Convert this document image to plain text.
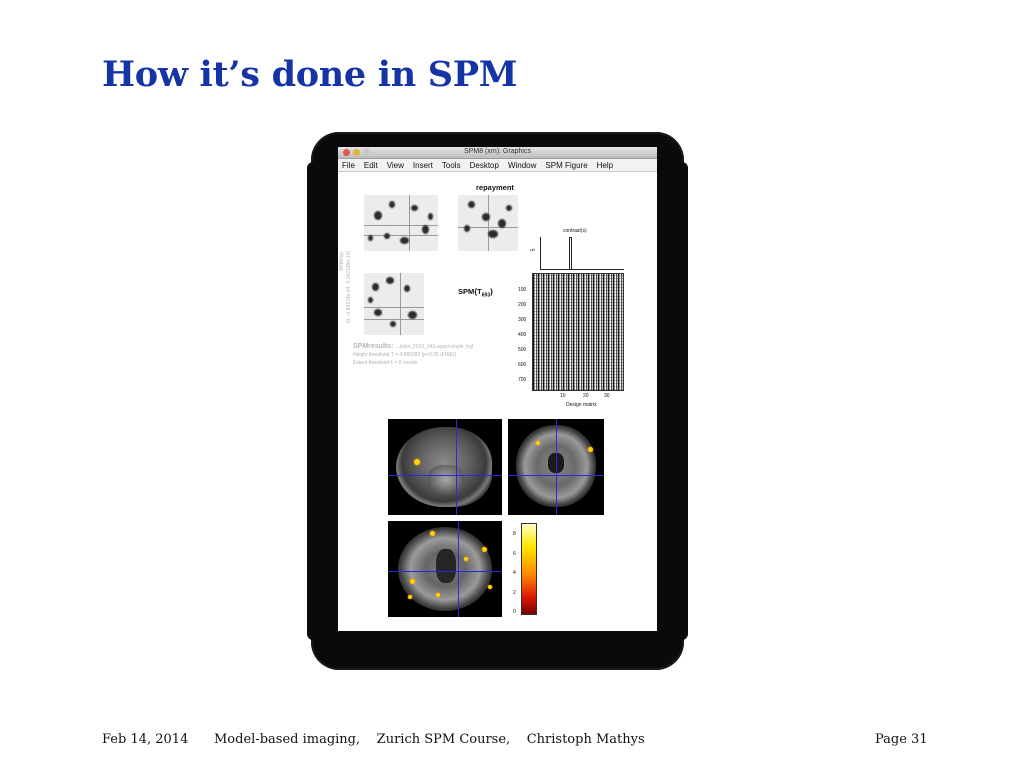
How it’s done in SPM
SPM8 (xm): Graphics
File Edit View Insert Tools Desktop Window SPM Figure Help
repayment
SPMmip [0, -2.84274e-14, 0.142108e-14]	$SPM\{T_{693}\}$
SPMresults: .../pilot_2010_04/Logan/simple_hgf
Height threshold T = 4.865083 {p<0.05 (FWE)}
Extent threshold k = 0 voxels
contrast(s)
5
100
200
300
400
500
600
700
10	20	30
Design matrix
8
6
4
2
0
Feb 14, 2014 Model-based imaging,    Zurich SPM Course,    Christoph Mathys	Page 31
